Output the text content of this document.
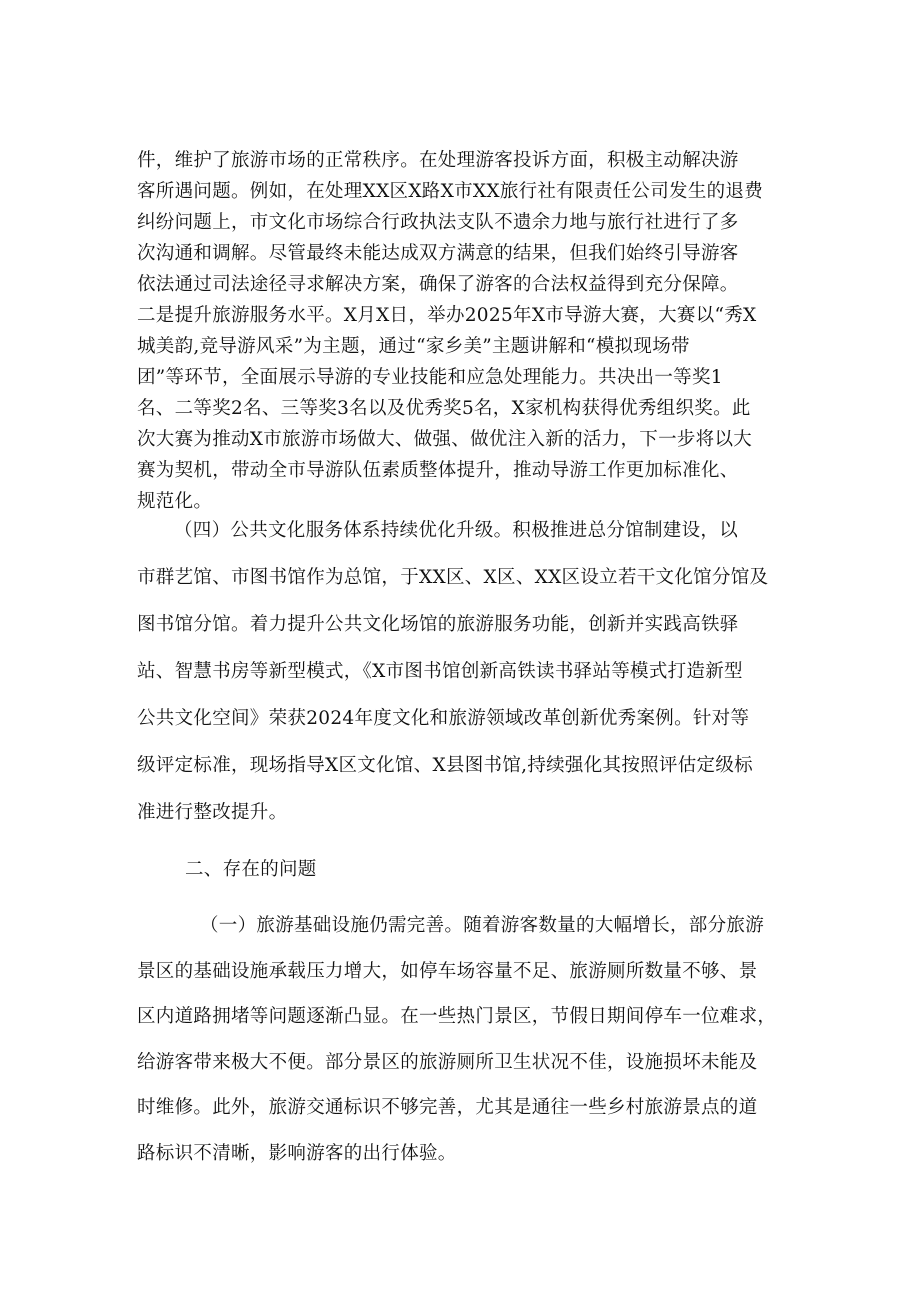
件，维护了旅游市场的正常秩序。在处理游客投诉方面，积极主动解决游
客所遇问题。例如，在处理XX区X路X市XX旅行社有限责任公司发生的退费
纠纷问题上，市文化市场综合行政执法支队不遗余力地与旅行社进行了多
次沟通和调解。尽管最终未能达成双方满意的结果，但我们始终引导游客
依法通过司法途径寻求解决方案，确保了游客的合法权益得到充分保障。
二是提升旅游服务水平。X月X日，举办2025年X市导游大赛，大赛以“秀X
城美韵,竞导游风采”为主题，通过“家乡美”主题讲解和“模拟现场带
团”等环节，全面展示导游的专业技能和应急处理能力。共决出一等奖1
名、二等奖2名、三等奖3名以及优秀奖5名，X家机构获得优秀组织奖。此
次大赛为推动X市旅游市场做大、做强、做优注入新的活力，下一步将以大
赛为契机，带动全市导游队伍素质整体提升，推动导游工作更加标准化、
规范化。
（四）公共文化服务体系持续优化升级。积极推进总分馆制建设，以
市群艺馆、市图书馆作为总馆，于XX区、X区、XX区设立若干文化馆分馆及
图书馆分馆。着力提升公共文化场馆的旅游服务功能，创新并实践高铁驿
站、智慧书房等新型模式，《X市图书馆创新高铁读书驿站等模式打造新型
公共文化空间》荣获2024年度文化和旅游领域改革创新优秀案例。针对等
级评定标准，现场指导X区文化馆、X县图书馆,持续强化其按照评估定级标
准进行整改提升。
二、存在的问题
（一）旅游基础设施仍需完善。随着游客数量的大幅增长，部分旅游
景区的基础设施承载压力增大，如停车场容量不足、旅游厕所数量不够、景
区内道路拥堵等问题逐渐凸显。在一些热门景区，节假日期间停车一位难求，
给游客带来极大不便。部分景区的旅游厕所卫生状况不佳，设施损坏未能及
时维修。此外，旅游交通标识不够完善，尤其是通往一些乡村旅游景点的道
路标识不清晰，影响游客的出行体验。
